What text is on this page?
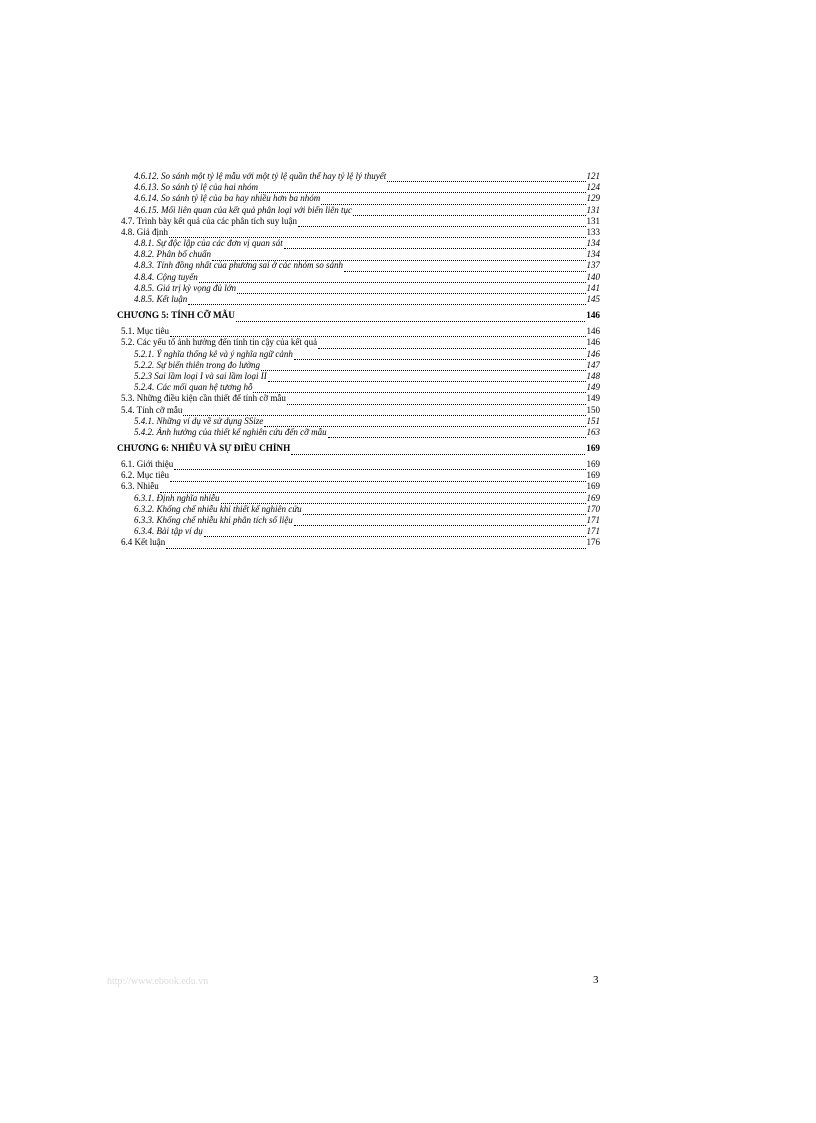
4.6.12. So sánh một tỷ lệ mẫu với một tỷ lệ quần thể hay tỷ lệ lý thuyết	121
4.6.13. So sánh tỷ lệ của hai nhóm	124
4.6.14. So sánh tỷ lệ của ba hay nhiều hơn ba nhóm	129
4.6.15. Mối liên quan của kết quả phân loại với biến liên tục	131
4.7. Trình bày kết quả của các phân tích suy luận	131
4.8. Giả định	133
4.8.1. Sự độc lập của các đơn vị quan sát	134
4.8.2. Phân bố chuẩn	134
4.8.3. Tính đồng nhất của phương sai ở các nhóm so sánh	137
4.8.4. Cộng tuyến	140
4.8.5. Giá trị kỳ vọng đủ lớn	141
4.8.5. Kết luận	145
CHƯƠNG 5: TÍNH CỠ MẪU	146
5.1. Mục tiêu	146
5.2. Các yếu tố ảnh hưởng đến tính tin cậy của kết quả	146
5.2.1. Ý nghĩa thống kê và ý nghĩa ngữ cảnh	146
5.2.2. Sự biến thiên trong đo lường	147
5.2.3 Sai lầm loại I và sai lầm loại II	148
5.2.4. Các mối quan hệ tương hỗ	149
5.3. Những điều kiện cần thiết để tính cỡ mẫu	149
5.4. Tính cỡ mẫu	150
5.4.1. Những ví dụ về sử dụng SSize	151
5.4.2. Ảnh hưởng của thiết kế nghiên cứu đến cỡ mẫu	163
CHƯƠNG 6: NHIỄU VÀ SỰ ĐIỀU CHỈNH	169
6.1. Giới thiệu	169
6.2. Mục tiêu	169
6.3. Nhiễu	169
6.3.1. Định nghĩa nhiễu	169
6.3.2. Khống chế nhiễu khi thiết kế nghiên cứu	170
6.3.3. Khống chế nhiễu khi phân tích số liệu	171
6.3.4. Bài tập ví dụ	171
6.4 Kết luận	176
http://www.ebook.edu.vn	3
